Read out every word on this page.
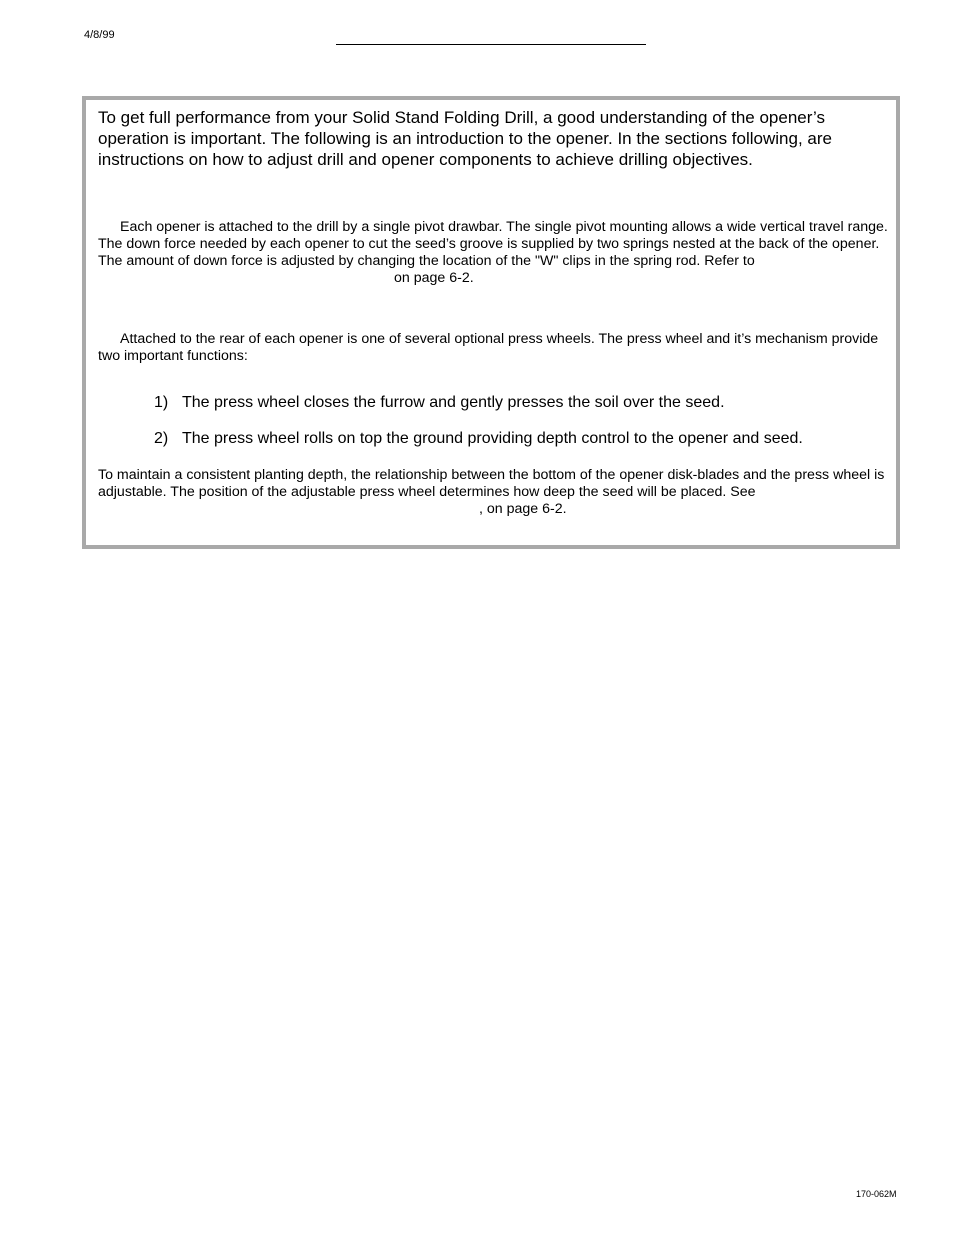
4/8/99
To get full performance from your Solid Stand Folding Drill, a good understanding of the opener’s operation is important. The following is an introduction to the opener. In the sections following, are instructions on how to adjust drill and opener components to achieve drilling objectives.
Each opener is attached to the drill by a single pivot drawbar. The single pivot mounting allows a wide vertical travel range. The down force needed by each opener to cut the seed’s groove is supplied by two springs nested at the back of the opener. The amount of down force is adjusted by changing the location of the "W" clips in the spring rod. Refer to on page 6-2.
Attached to the rear of each opener is one of several optional press wheels. The press wheel and it’s mechanism provide two important functions:
1) The press wheel closes the furrow and gently presses the soil over the seed.
2) The press wheel rolls on top the ground providing depth control to the opener and seed.
To maintain a consistent planting depth, the relationship between the bottom of the opener disk-blades and the press wheel is adjustable. The position of the adjustable press wheel determines how deep the seed will be placed. See, on page 6-2.
170-062M
